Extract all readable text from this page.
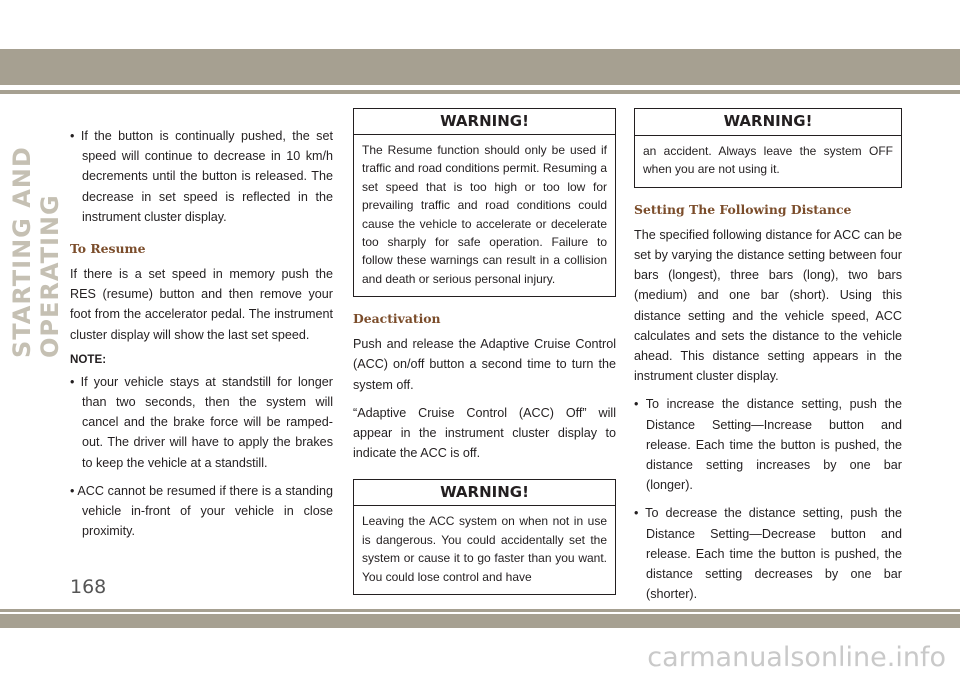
STARTING AND OPERATING
• If the button is continually pushed, the set speed will continue to decrease in 10 km/h decrements until the button is released. The decrease in set speed is reflected in the instrument cluster display.
To Resume

If there is a set speed in memory push the RES (resume) button and then remove your foot from the accelerator pedal. The instrument cluster display will show the last set speed.

NOTE:
• If your vehicle stays at standstill for longer than two seconds, then the system will cancel and the brake force will be ramped-out. The driver will have to apply the brakes to keep the vehicle at a standstill.
• ACC cannot be resumed if there is a standing vehicle in-front of your vehicle in close proximity.
WARNING!
The Resume function should only be used if traffic and road conditions permit. Resuming a set speed that is too high or too low for prevailing traffic and road conditions could cause the vehicle to accelerate or decelerate too sharply for safe operation. Failure to follow these warnings can result in a collision and death or serious personal injury.
Deactivation

Push and release the Adaptive Cruise Control (ACC) on/off button a second time to turn the system off.

“Adaptive Cruise Control (ACC) Off” will appear in the instrument cluster display to indicate the ACC is off.

WARNING!
Leaving the ACC system on when not in use is dangerous. You could accidentally set the system or cause it to go faster than you want. You could lose control and have
WARNING!
an accident. Always leave the system OFF when you are not using it.
Setting The Following Distance

The specified following distance for ACC can be set by varying the distance setting between four bars (longest), three bars (long), two bars (medium) and one bar (short). Using this distance setting and the vehicle speed, ACC calculates and sets the distance to the vehicle ahead. This distance setting appears in the instrument cluster display.

• To increase the distance setting, push the Distance Setting—Increase button and release. Each time the button is pushed, the distance setting increases by one bar (longer).
• To decrease the distance setting, push the Distance Setting—Decrease button and release. Each time the button is pushed, the distance setting decreases by one bar (shorter).
168
carmanualsonline.info
